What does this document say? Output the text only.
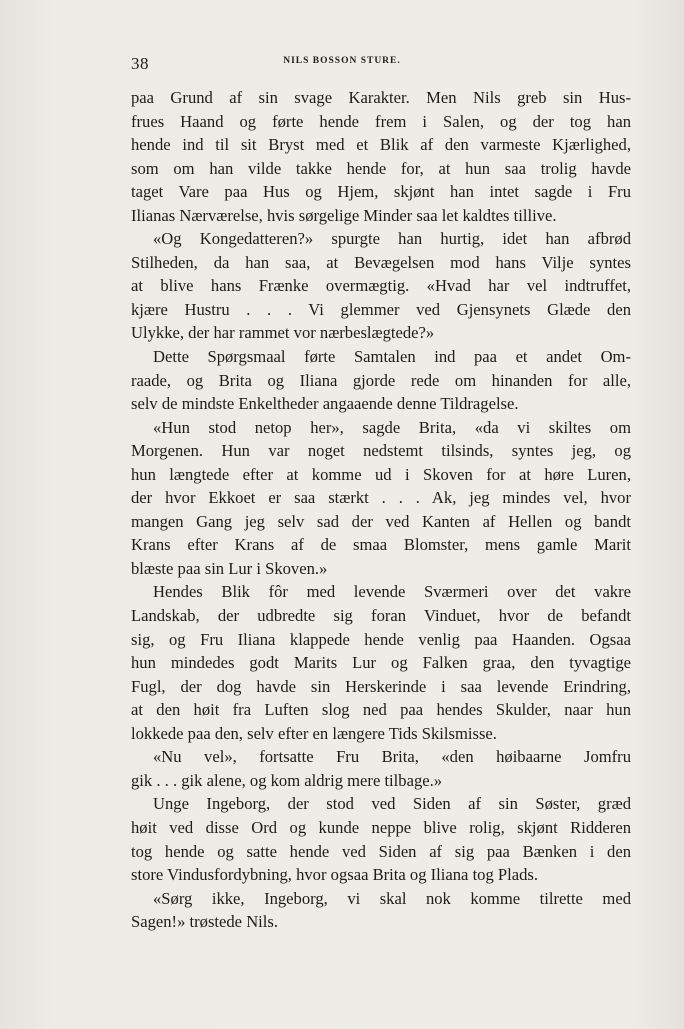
38	NILS BOSSON STURE.
paa Grund af sin svage Karakter. Men Nils greb sin Hus-
frues Haand og førte hende frem i Salen, og der tog han
hende ind til sit Bryst med et Blik af den varmeste Kjærlighed,
som om han vilde takke hende for, at hun saa trolig havde
taget Vare paa Hus og Hjem, skjønt han intet sagde i Fru
Ilianas Nærværelse, hvis sørgelige Minder saa let kaldtes tillive.
«Og Kongedatteren?» spurgte han hurtig, idet han afbrød
Stilheden, da han saa, at Bevægelsen mod hans Vilje syntes
at blive hans Frænke overmægtig. «Hvad har vel indtruffet,
kjære Hustru . . . Vi glemmer ved Gjensynets Glæde den
Ulykke, der har rammet vor nærbeslægtede?»
Dette Spørgsmaal førte Samtalen ind paa et andet Om-
raade, og Brita og Iliana gjorde rede om hinanden for alle,
selv de mindste Enkeltheder angaaende denne Tildragelse.
«Hun stod netop her», sagde Brita, «da vi skiltes om
Morgenen. Hun var noget nedstemt tilsinds, syntes jeg, og
hun længtede efter at komme ud i Skoven for at høre Luren,
der hvor Ekkoet er saa stærkt . . . Ak, jeg mindes vel, hvor
mangen Gang jeg selv sad der ved Kanten af Hellen og bandt
Krans efter Krans af de smaa Blomster, mens gamle Marit
blæste paa sin Lur i Skoven.»
Hendes Blik fôr med levende Sværmeri over det vakre
Landskab, der udbredte sig foran Vinduet, hvor de befandt
sig, og Fru Iliana klappede hende venlig paa Haanden. Ogsaa
hun mindedes godt Marits Lur og Falken graa, den tyvagtige
Fugl, der dog havde sin Herskerinde i saa levende Erindring,
at den høit fra Luften slog ned paa hendes Skulder, naar hun
lokkede paa den, selv efter en længere Tids Skilsmisse.
«Nu vel», fortsatte Fru Brita, «den høibaarne Jomfru
gik . . . gik alene, og kom aldrig mere tilbage.»
Unge Ingeborg, der stod ved Siden af sin Søster, græd
høit ved disse Ord og kunde neppe blive rolig, skjønt Ridderen
tog hende og satte hende ved Siden af sig paa Bænken i den
store Vindusfordybning, hvor ogsaa Brita og Iliana tog Plads.
«Sørg ikke, Ingeborg, vi skal nok komme tilrette med
Sagen!» trøstede Nils.
